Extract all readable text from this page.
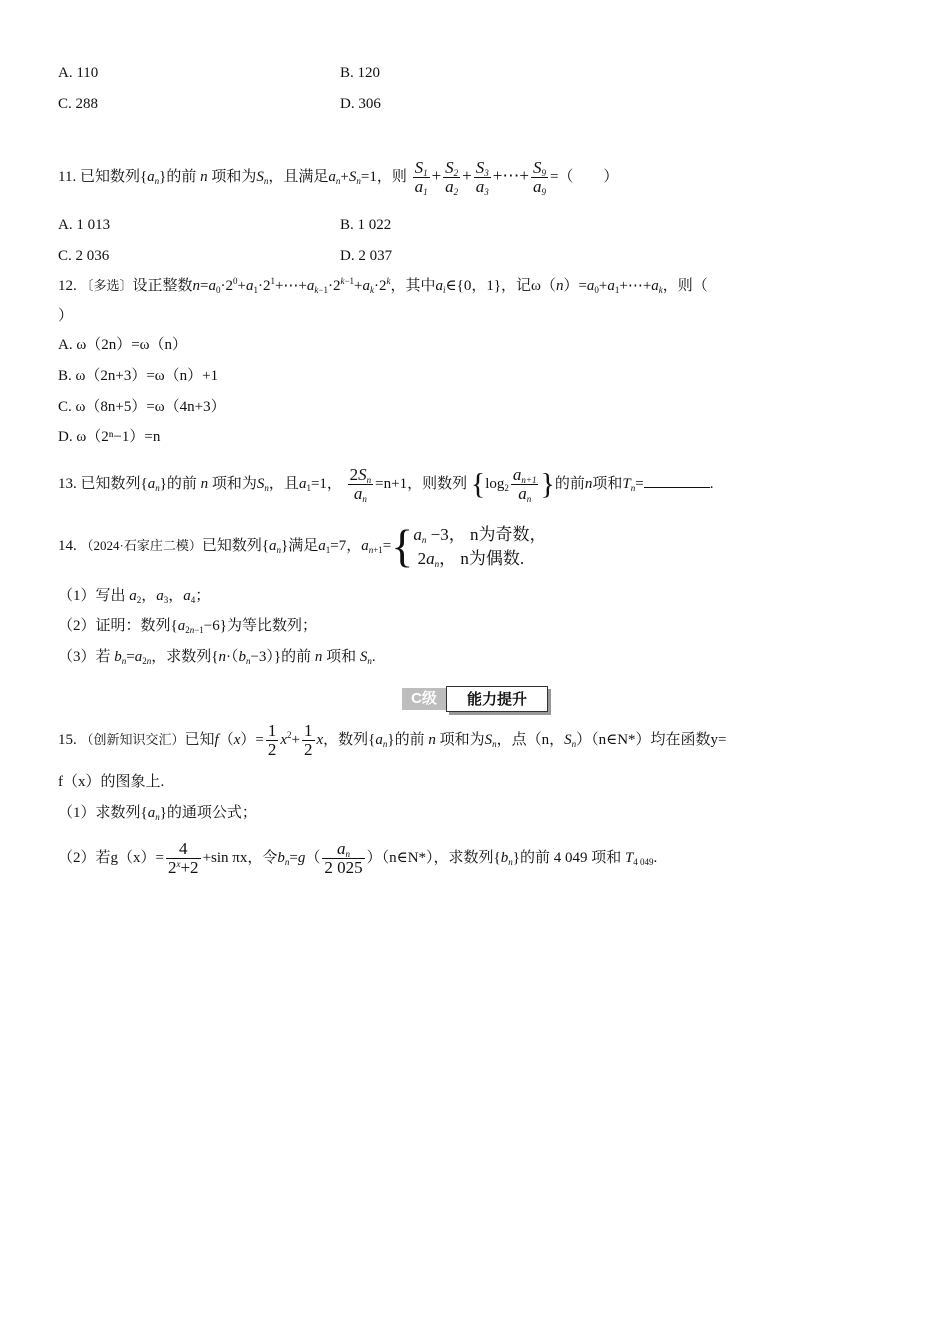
A. 110	B. 120
C. 288	D. 306
11. 已知数列$\{a_n\}$的前 n 项和为$S_n$，且满足$a_n+S_n=1$，则 $\frac{S_1}{a_1} + \frac{S_2}{a_2} + \frac{S_3}{a_3}$ +⋯+ $\frac{S_9}{a_9}$ =（　　）
A. 1 013	B. 1 022
C. 2 036	D. 2 037
12. 〔多选〕设正整数$n=a_0\cdot 2^0+a_1\cdot 2^1+\cdots+a_{k-1}\cdot 2^{k-1}+a_k\cdot 2^k$，其中$a_i\in\{0$，1}，记$\omega(n)=a_0+a_1+\cdots+a_k$，则（
）
A. ω（2n）=ω（n）
B. ω（2n+3）=ω（n）+1
C. ω（8n+5）=ω（4n+3）
D. ω（2ⁿ−1）=n
13. 已知数列$\{a_n\}$的前 n 项和为$S_n$，且$a_1=1$， $\frac{2S_n}{a_n} =n+1$，则数列 {$\log_2 \frac{a_{n+1}}{a_n}$ }的前n项和$T_n=$	.
14. （2024·石家庄二模）已知数列$\{a_n\}$满足$a_1=7$，$a_{n+1}=${ $a_n -3$， n为奇数，
$2a_n$， n为偶数.
（1）写出 $a_2$，$a_3$，$a_4$；
（2）证明：数列$\{a_{2n-1}-6\}$为等比数列；
（3）若 $b_n=a_{2n}$，求数列$\{n\cdot(b_n-3)\}$的前 n 项和 $S_n$.
C级	能力提升
15. （创新知识交汇）已知$f(x)= \frac{1}{2} x^2+ \frac{1}{2}$ x，数列$\{a_n\}$的前 n 项和为$S_n$，点（n，$S_n)(n\in N*)$均在函数y=
f（x）的图象上.
（1）求数列$\{a_n\}$的通项公式；
（2）若$g(x)= \frac{4}{2^x+2} +\sin$ πx，令$b_n=g( \frac{a_n}{2 025}$ ）（n∈N*），求数列$\{b_n\}$的前 4 049 项和 $T_{4 049}$.
